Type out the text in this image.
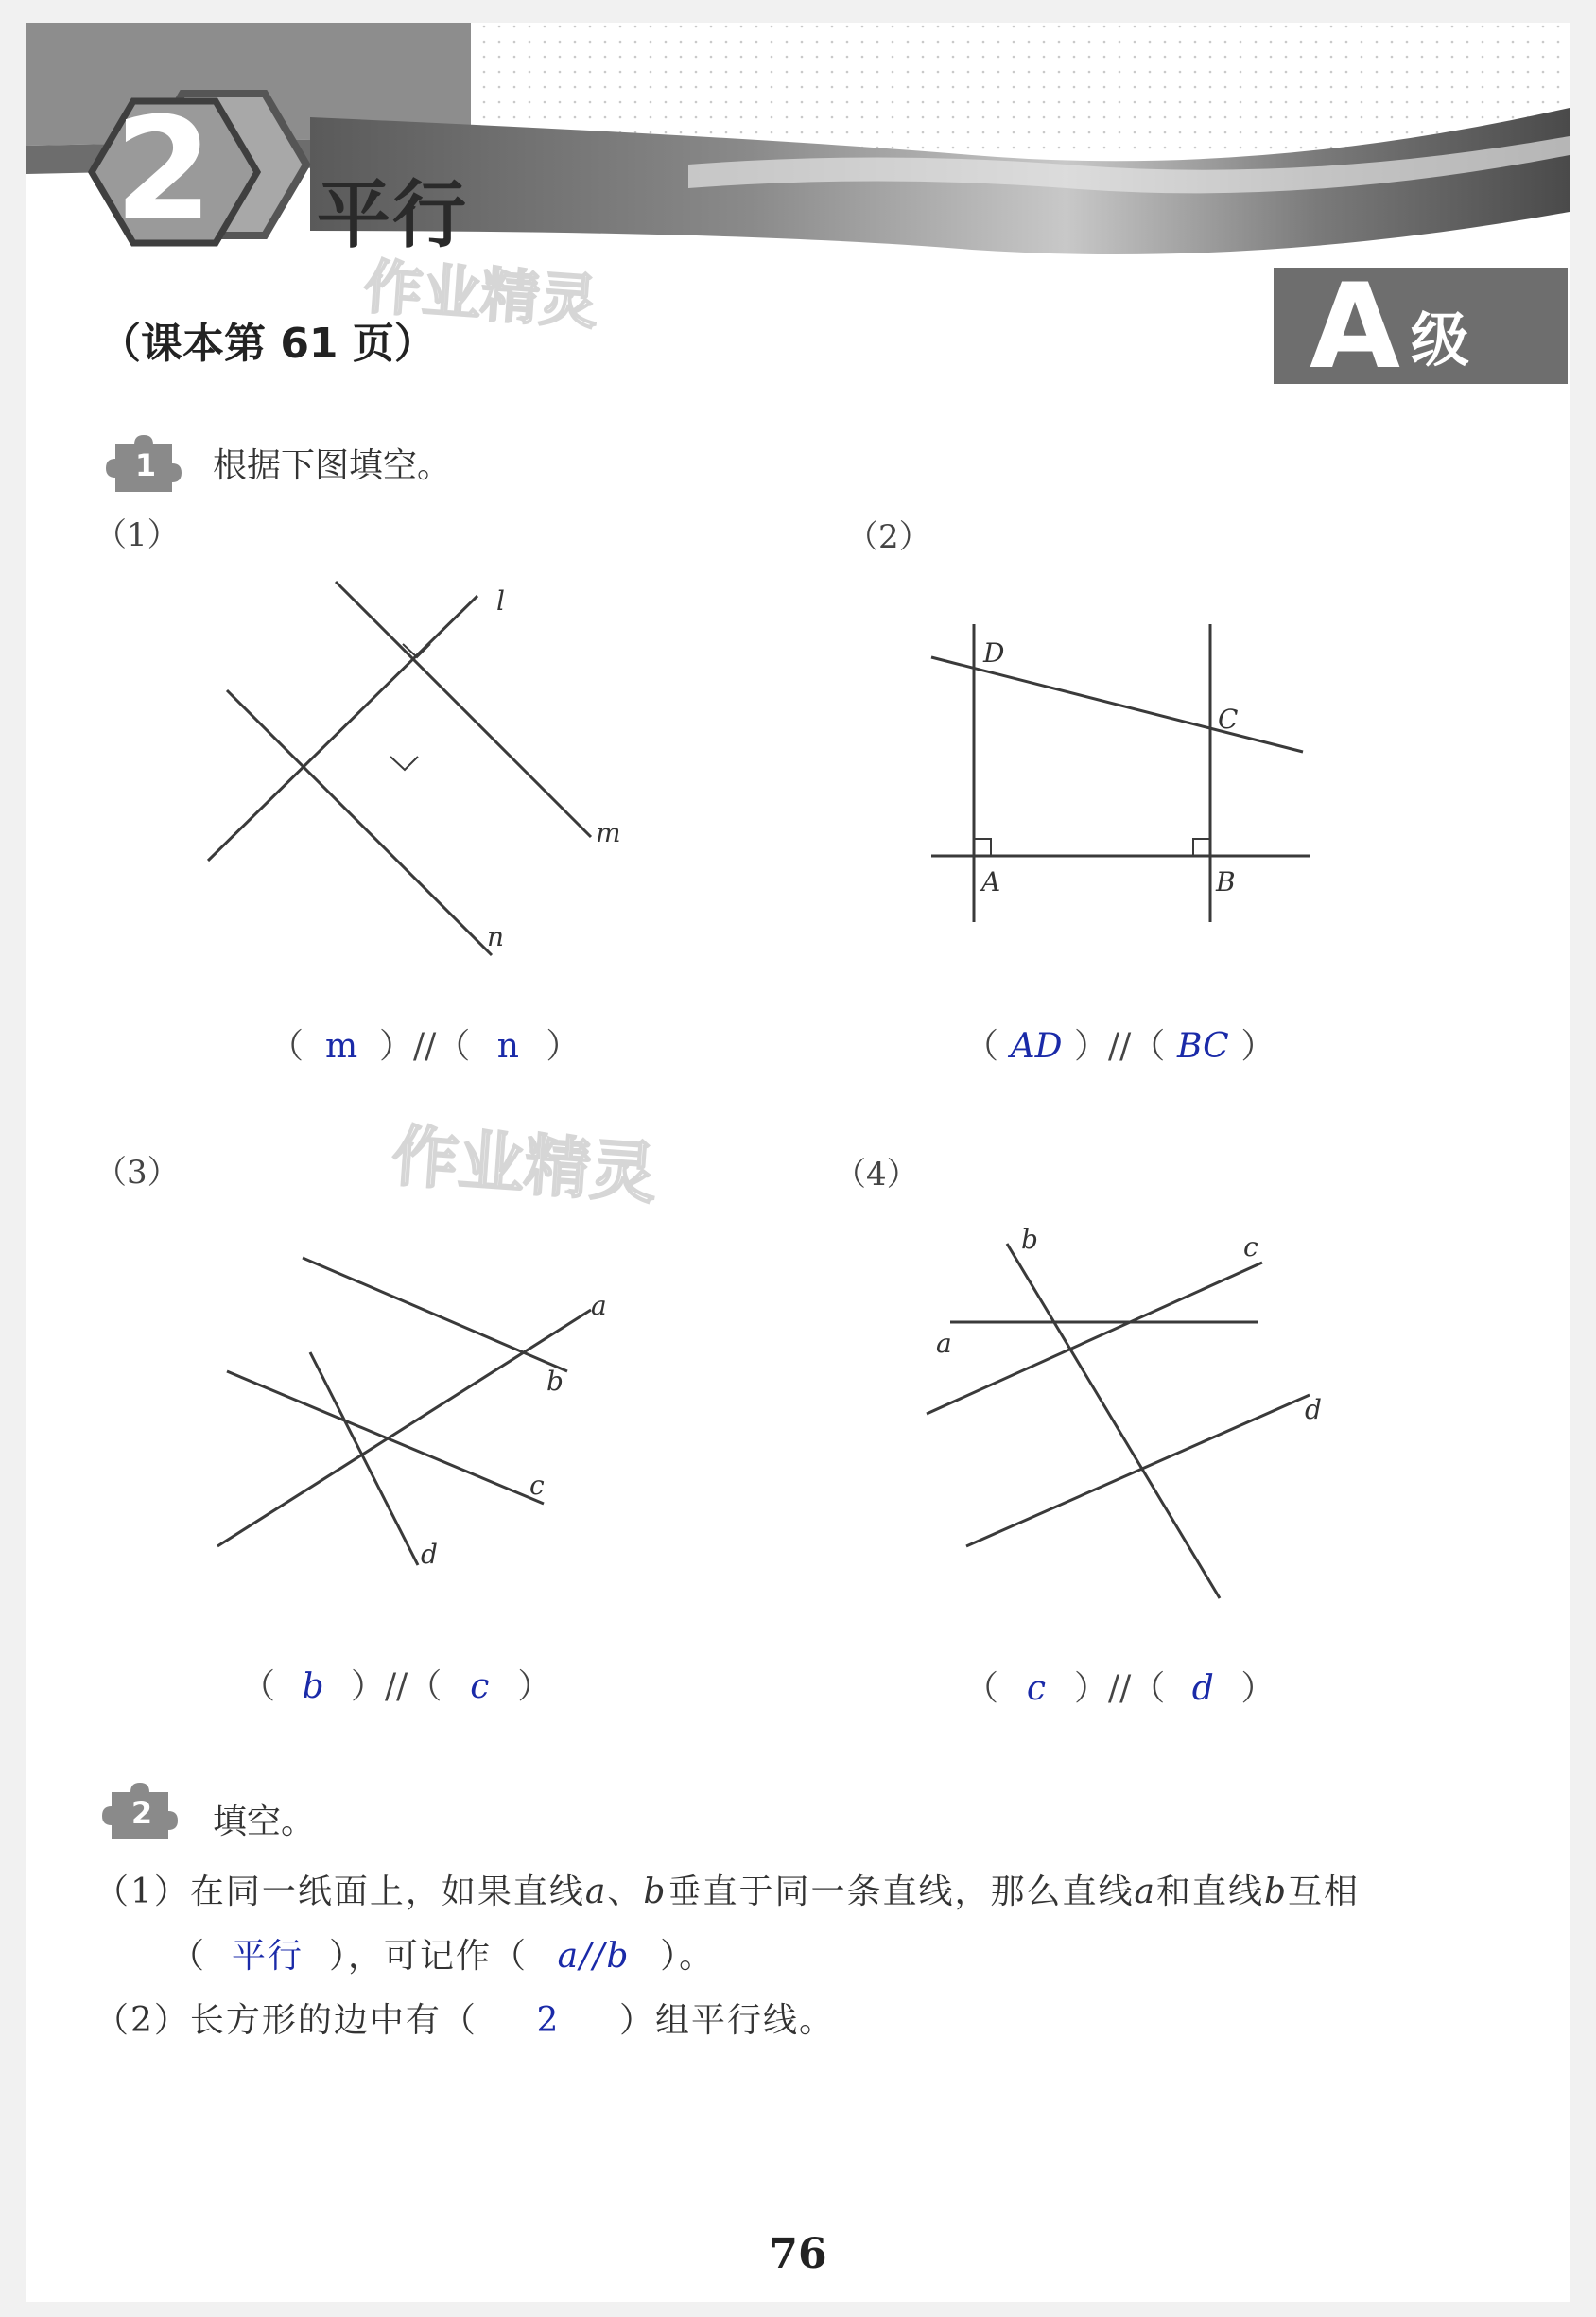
2 平行
作业精灵
（课本第 61 页）	A 级
1 根据下图填空。
（1）
l
m
n
（ m ）//（ n ）
（2）
D
C
A	B
（ AD ）//（ BC ）
作业精灵
（3）
a
b
c
d
（ b ）//（ c ）
（4）
a
b	c
d
（ c ）//（ d ）
2 填空。
（1）在同一纸面上，如果直线a、b垂直于同一条直线，那么直线a和直线b互相
（ 平行 ），可记作（ a//b ）。
（2）长方形的边中有（ 2 ）组平行线。
76
